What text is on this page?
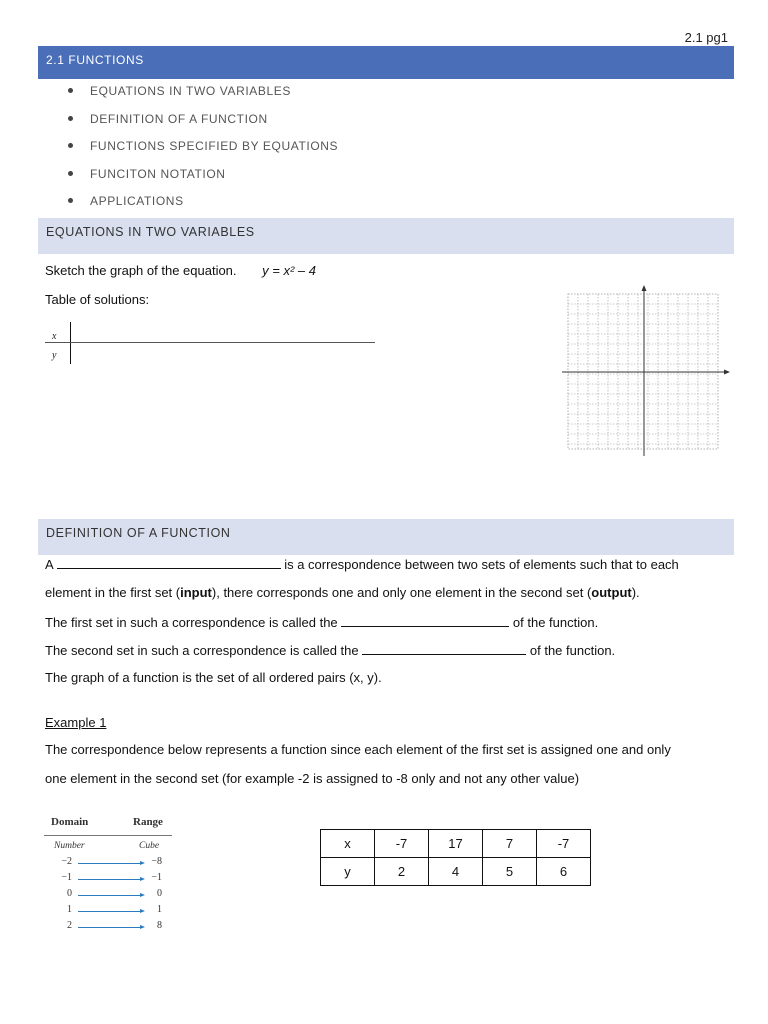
2.1 pg1
2.1 FUNCTIONS
EQUATIONS IN TWO VARIABLES
DEFINITION OF A FUNCTION
FUNCTIONS SPECIFIED BY EQUATIONS
FUNCITON NOTATION
APPLICATIONS
EQUATIONS IN TWO VARIABLES
Sketch the graph of the equation. y = x² – 4
Table of solutions:
x
y
DEFINITION OF A FUNCTION
A	is a correspondence between two sets of elements such that to each
element in the first set (input), there corresponds one and only one element in the second set (output).
The first set in such a correspondence is called the	of the function.
The second set in such a correspondence is called the	of the function.
The graph of a function is the set of all ordered pairs (x, y).
Example 1
The correspondence below represents a function since each element of the first set is assigned one and only
one element in the second set (for example -2 is assigned to -8 only and not any other value)
Domain	Range
Number	Cube
−2	−8
−1	−1
0	0
1	1
2	8
x	-7	17	7	-7
y	2	4	5	6
